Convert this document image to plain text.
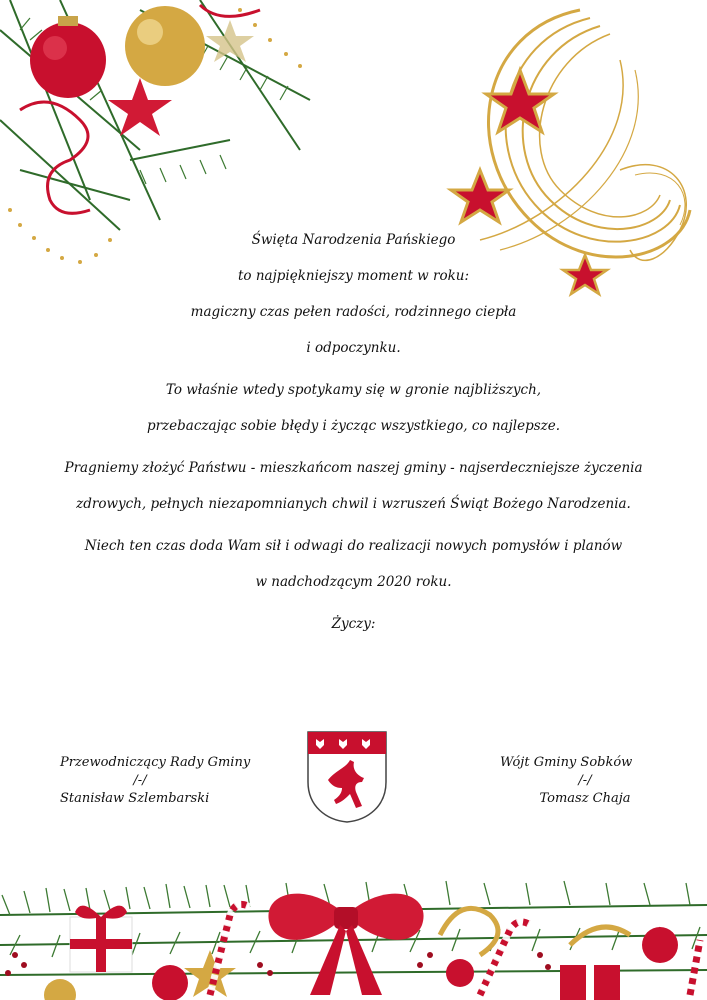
Święta Narodzenia Pańskiego

to najpiękniejszy moment w roku:

magiczny czas pełen radości, rodzinnego ciepła

i odpoczynku.

To właśnie wtedy spotykamy się w gronie najbliższych,

przebaczając sobie błędy i życząc wszystkiego, co najlepsze.

Pragniemy złożyć Państwu - mieszkańcom naszej gminy - najserdeczniejsze życzenia

zdrowych, pełnych niezapomnianych chwil i wzruszeń Świąt Bożego Narodzenia.

Niech ten czas doda Wam sił i odwagi do realizacji nowych pomysłów i planów

w nadchodzącym 2020 roku.

Życzy:

Przewodniczący Rady Gminy
/-/
Stanisław Szlembarski
Wójt Gminy Sobków
/-/
Tomasz Chaja
